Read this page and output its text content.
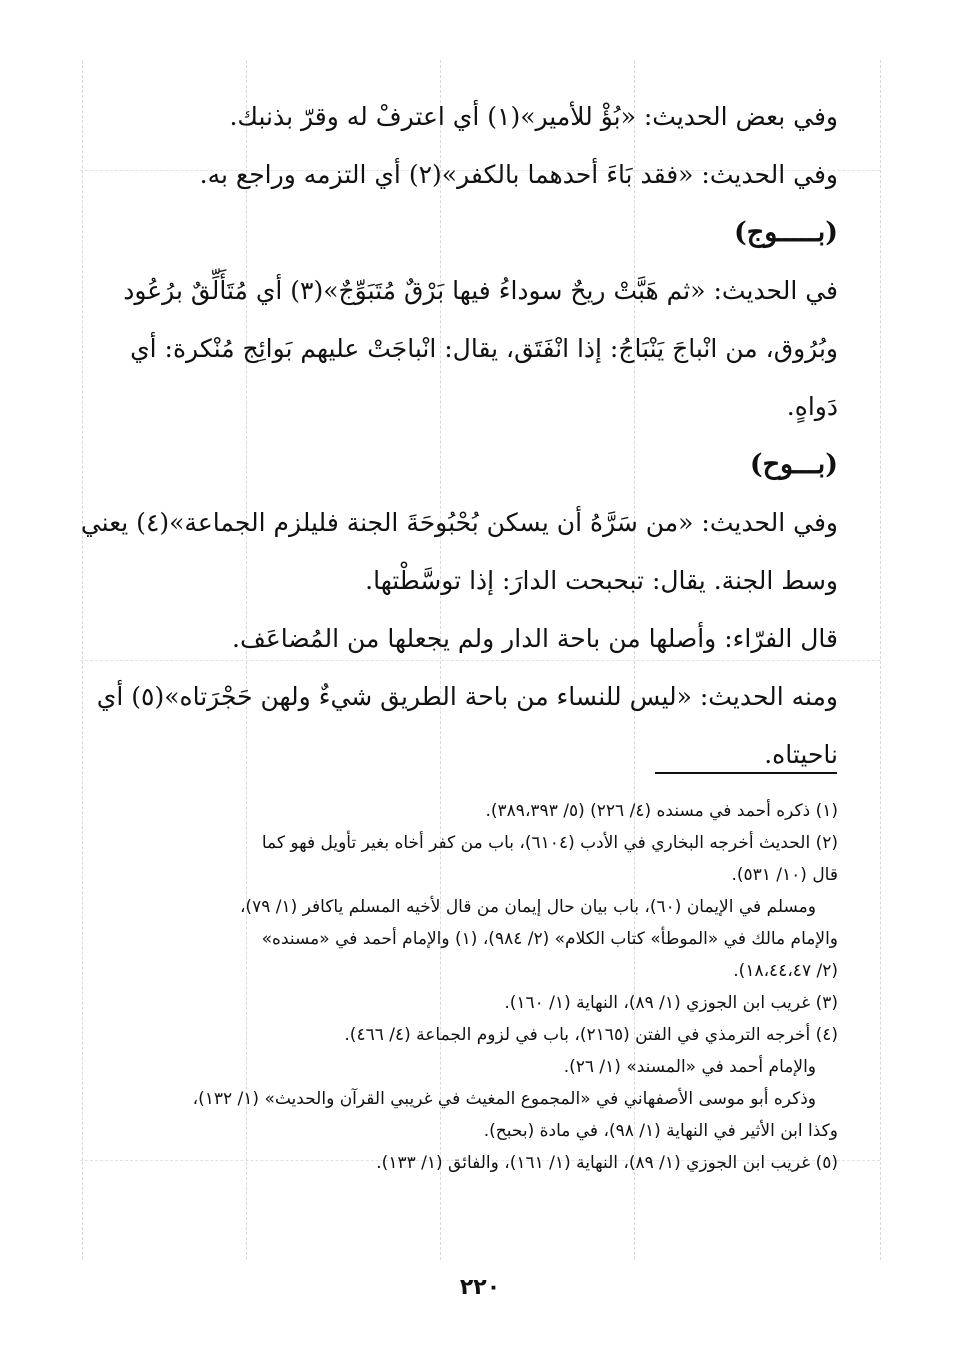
وفي بعض الحديث: «بُؤْ للأمير»(١) أي اعترفْ له وقرّ بذنبك.
وفي الحديث: «فقد بَاءَ أحدهما بالكفر»(٢) أي التزمه وراجع به.
(بـــــوج)
في الحديث: «ثم هَبَّتْ ريحٌ سوداءُ فيها بَرْقٌ مُتَبَوِّجٌ»(٣) أي مُتَأَلِّقٌ برُعُود
وبُرُوق، من انْباجَ يَنْبَاجُ: إذا انْفَتَق، يقال: انْباجَتْ عليهم بَوائِج مُنْكرة: أي
دَواهٍ.
(بـــوح)
وفي الحديث: «من سَرَّهُ أن يسكن بُحْبُوحَةَ الجنة فليلزم الجماعة»(٤) يعني
وسط الجنة. يقال: تبحبحت الدارَ: إذا توسَّطْتها.
قال الفرّاء: وأصلها من باحة الدار ولم يجعلها من المُضاعَف.
ومنه الحديث: «ليس للنساء من باحة الطريق شيءٌ ولهن حَجْرَتاه»(٥) أي
ناحيتاه.
(١) ذكره أحمد في مسنده (٤/ ٢٢٦) (٥/ ٣٨٩،٣٩٣).
(٢) الحديث أخرجه البخاري في الأدب (٦١٠٤)، باب من كفر أخاه بغير تأويل فهو كما
قال (١٠/ ٥٣١).
ومسلم في الإيمان (٦٠)، باب بيان حال إيمان من قال لأخيه المسلم ياكافر (١/ ٧٩)،
والإمام مالك في «الموطأ» كتاب الكلام» (٢/ ٩٨٤)، (١) والإمام أحمد في «مسنده»
(٢/ ١٨،٤٤،٤٧).
(٣) غريب ابن الجوزي (١/ ٨٩)، النهاية (١/ ١٦٠).
(٤) أخرجه الترمذي في الفتن (٢١٦٥)، باب في لزوم الجماعة (٤/ ٤٦٦).
والإمام أحمد في «المسند» (١/ ٢٦).
وذكره أبو موسى الأصفهاني في «المجموع المغيث في غريبي القرآن والحديث» (١/ ١٣٢)،
وكذا ابن الأثير في النهاية (١/ ٩٨)، في مادة (بحبح).
(٥) غريب ابن الجوزي (١/ ٨٩)، النهاية (١/ ١٦١)، والفائق (١/ ١٣٣).
٢٢٠
